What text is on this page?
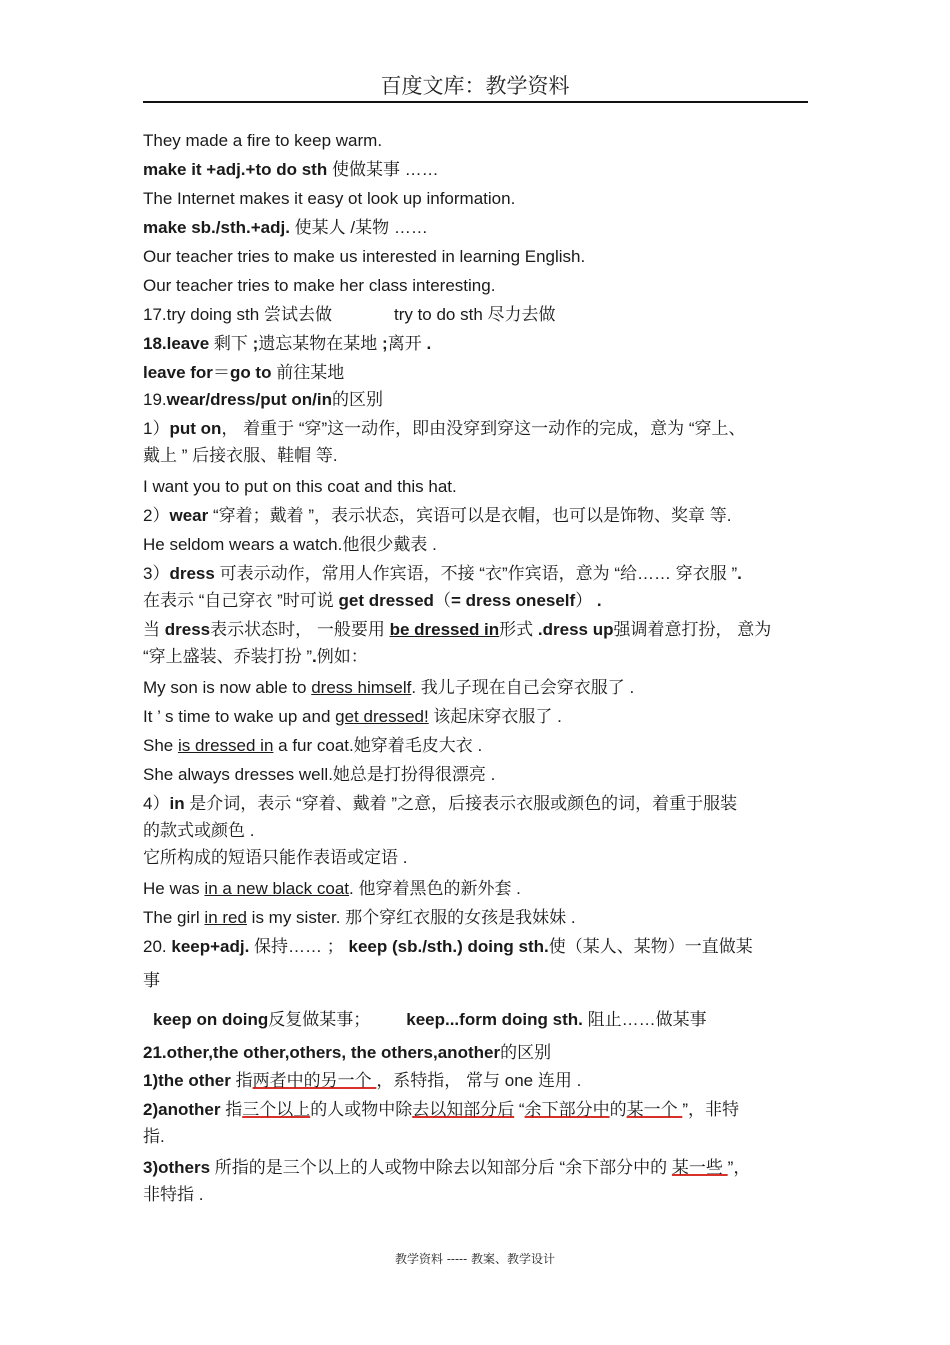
百度文库：教学资料
They made a fire to keep warm.
make it +adj.+to do sth 使做某事 ……
The Internet makes it easy ot look up information.
make sb./sth.+adj. 使某人 /某物 ……
Our teacher tries to make us interested in learning English.
Our teacher tries to make her class interesting.
17.try doing sth 尝试去做	try to do sth 尽力去做
18.leave 剩下 ;遗忘某物在某地 ;离开 .
leave for＝go to 前往某地
19.wear/dress/put on/in的区别
1）put on， 着重于 “穿”这一动作，即由没穿到穿这一动作的完成，意为 “穿上、
戴上 ” 后接衣服、鞋帽 等.
I want you to put on this coat and this hat.
2）wear “穿着；戴着 ”，表示状态，宾语可以是衣帽，也可以是饰物、奖章 等.
He seldom wears a watch.他很少戴表 .
3）dress 可表示动作，常用人作宾语，不接 “衣”作宾语，意为 “给…… 穿衣服 ”.
在表示 “自己穿衣 ”时可说 get dressed（= dress oneself） .
当 dress表示状态时， 一般要用 be dressed in形式 .dress up强调着意打扮， 意为
“穿上盛装、乔装打扮 ”.例如：
My son is now able to dress himself. 我儿子现在自己会穿衣服了 .
It ’ s time to wake up and get dressed! 该起床穿衣服了 .
She is dressed in a fur coat.她穿着毛皮大衣 .
She always dresses well.她总是打扮得很漂亮 .
4）in 是介词，表示 “穿着、戴着 ”之意，后接表示衣服或颜色的词，着重于服装
的款式或颜色 .
它所构成的短语只能作表语或定语 .
He was in a new black coat. 他穿着黑色的新外套 .
The girl in red is my sister. 那个穿红衣服的女孩是我妹妹 .
20. keep+adj. 保持…… ； keep (sb./sth.) doing sth.使（某人、某物）一直做某
事
keep on doing反复做某事； keep...form doing sth. 阻止……做某事
21.other,the other,others, the others,another的区别
1)the other 指两者中的另一个 ，系特指， 常与 one 连用 .
2)another 指三个以上的人或物中除去以知部分后 “余下部分中的某一个 ”，非特
指.
3)others 所指的是三个以上的人或物中除去以知部分后 “余下部分中的 某一些 ”，
非特指 .
教学资料 ----- 教案、教学设计
